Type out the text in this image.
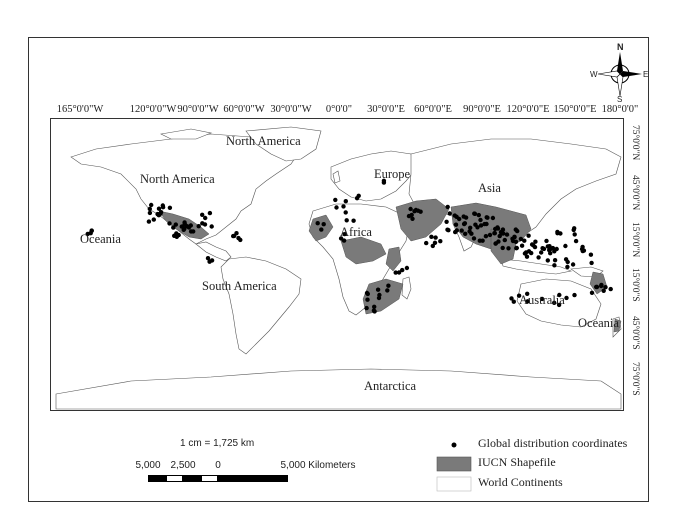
165°0'0"W	120°0'0"W 90°0'0"W 60°0'0"W 30°0'0"W 0°0'0" 30°0'0"E 60°0'0"E 90°0'0"E 120°0'0"E 150°0'0"E 180°0'0"
75°0'0"N
45°0'0"N
15°0'0"N
15°0'0"S
45°0'0"S
75°0'0"S
North America
North America	Europe
Asia
Africa
Oceania
South America
Australia
Oceania
Antarctica
N
S
W	E
1 cm = 1,725 km
5,000 2,500 0	5,000 Kilometers
Global distribution coordinates
IUCN Shapefile
World Continents
